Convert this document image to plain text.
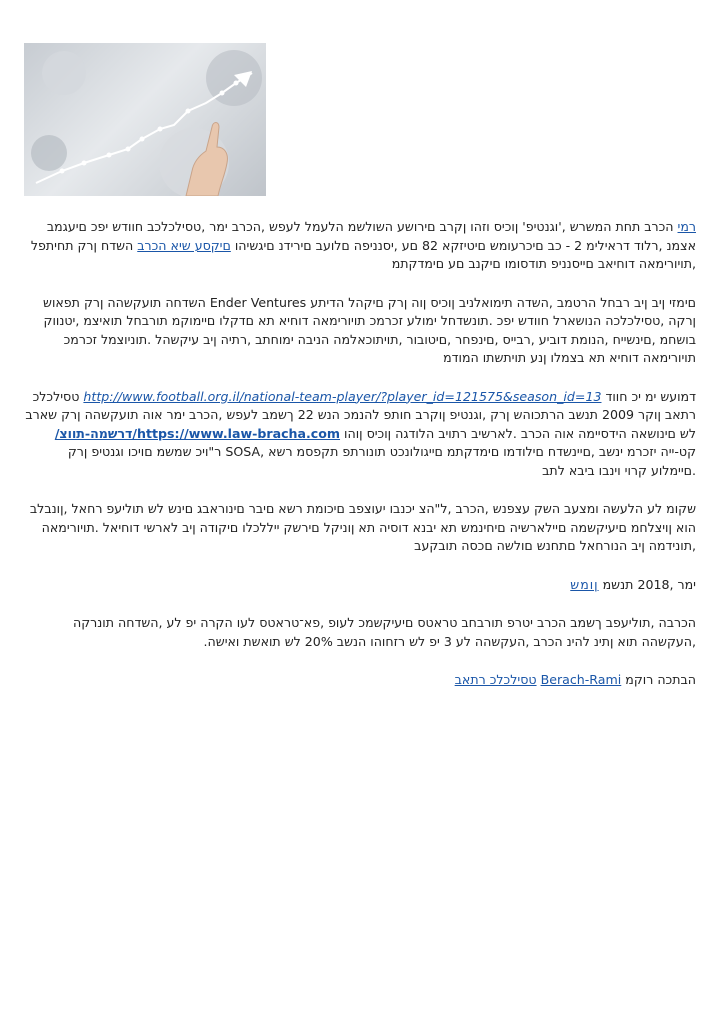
רמי הכרב תחת המשרש ,'וגנטיפ' ןוכיס וזהו ןקרב םירושע השולשמ הלעמל לעפש ,הכרב ימר ,טסילכלכב חוודש יפכ םיעגמב אצמנ ,רלוד דראילימ 2 - כב םיכרעומש םיטיזקא 82 םע ,יסנניפה םלועב םירידנ םיגשיהו םיקסע שיא הכרב השדח ןרק תחיתפל ,תויורימאה דוחיאב םייסנניפ תודסומו םיקנב םע םימדקתמ

םימזי ןיב ןיב רבחל הרטמב ,השדה תימואלניב ןוכיס ןוה ןרק םיקהל הדיתע Ender Ventures השדחה תועקשהה ןרק תפאוש ןרקה ,טסילכלכה הנושארל חוודש יפכ .תונשדחל ימולע זכרמכ תויורימאה דוחיא תא םדקלו םיימוקמ תורבחל תואיצמ ,יטנווק בושחמ ,םינשייח ,הנומת דוביע ,רבייס ,םינפחר ,םיטובור ,תויתוכאלמה הניבה ימוחתב ,רתיה ןיב עיקשהל .תוניוצמל זכרמכ תויורימאה דוחיא תא בצמלו ןנע תויתשתו המודמ

דמועש ימ יכ חווד http://www.football.org.il/national-team-player/?player_id=121575&season_id=13 טסילכלכ רתאב ןוקר 2009 תנשב הרתכוהש ןרק ,וגנטיפ ןוקרב חותפ להנמכ הנש 22 ךשמב לעפש ,הכרב ימר אוה תועקשהה ןרק שארב לש םינושאה הידסיימה אוה הכרב .לארשיב רתויב הלודגה ןוכיס ןוהו https://www.law-bracha.com/דרשמה-תווצ/ קט-ייה יזכרמ ינשב ,םיינשדח םילודמו םימדקתמ םייגולונכט תונורתפ תקפסמ רשא ,SOSA ר"ויכ שמשמ םויכו וגנטיפ ןרק .םיימלוע קרוי וינבו ביבא לתב

שקומ לע הלעשה ומצעב השק עצפנש ,הכרב ,ל"הצ יכנבו יעוצפב םיכומת רשא םיבר םינוראבג םינש לש תוליעפ רחאל ,ןונבלב הוא ןויצלחמ םיעיקשמה םיילארשיה םיחינמש תא יבנא דוסיה תא ןוניקל םירשק ייללכלו םיקודה ןיב לארשי דוחיאל .תויורימאה ,תונידמה ןיב הנורחאל םתחנש םולשה םכסה תובקעב

ימר ,2018 תנשמ ןומש

הכרבה ,תוליעפב ךשמב הכרב יטרפ תורבחב טראטס םיעיקשמכ לעופ ,פא־טראטס לעו הקרה יפ לע ,השדחה תונרקה ,העקשהה תוא ןתינ להינ הכרב ,העקשהה לע 3 יפ לש רזחוהו הנשב 20% לש תואשת ואישה.

הבתכה רוקמ Berach-Rami טסילכלכ רתאב
